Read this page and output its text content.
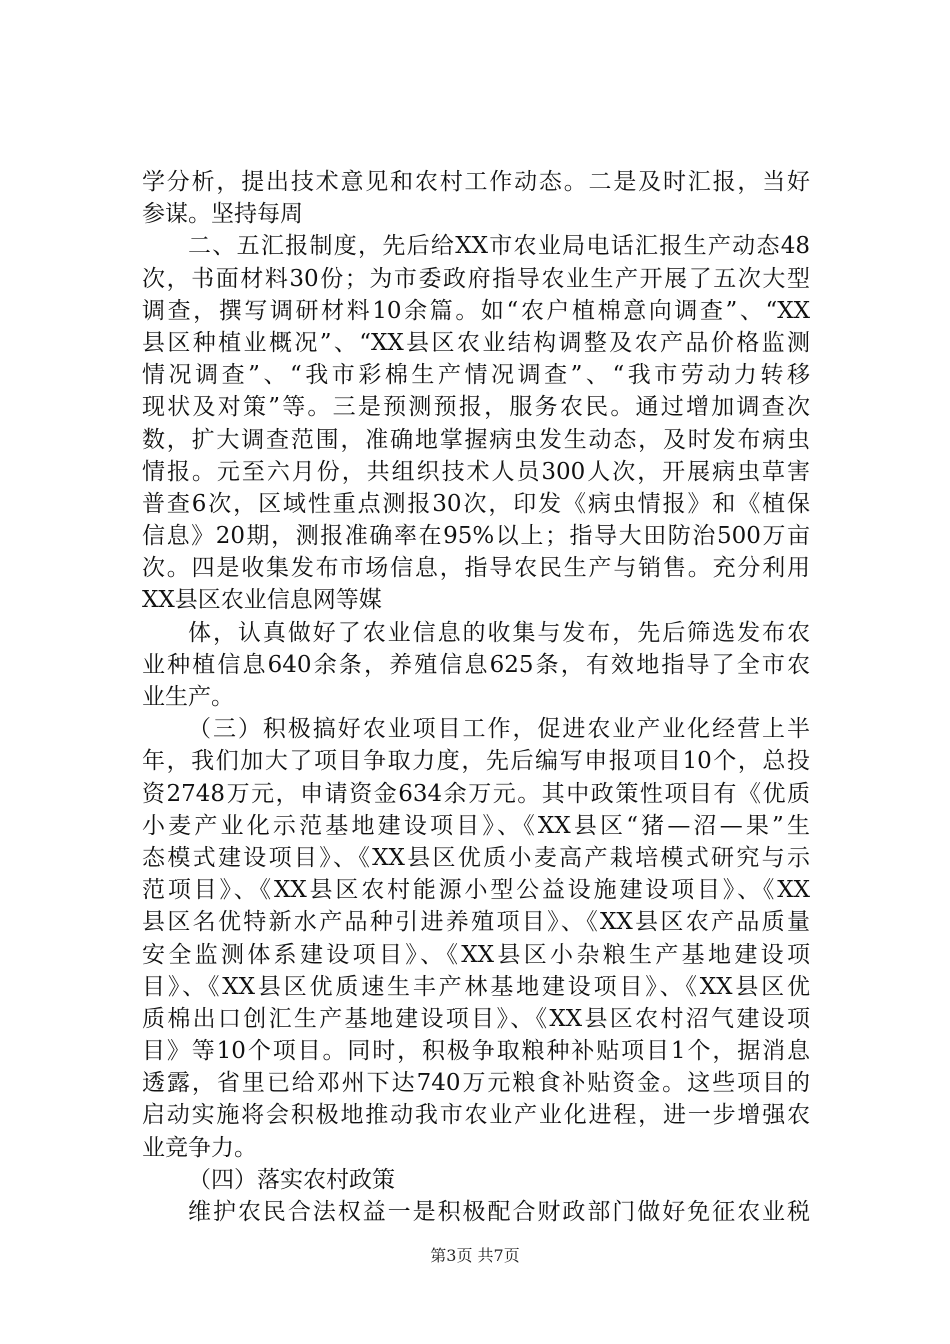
学分析，提出技术意见和农村工作动态。二是及时汇报，当好
参谋。坚持每周
二、五汇报制度，先后给XX市农业局电话汇报生产动态48
次，书面材料30份；为市委政府指导农业生产开展了五次大型
调查，撰写调研材料10余篇。如“农户植棉意向调查”、“XX
县区种植业概况”、“XX县区农业结构调整及农产品价格监测
情况调查”、“我市彩棉生产情况调查”、“我市劳动力转移
现状及对策”等。三是预测预报，服务农民。通过增加调查次
数，扩大调查范围，准确地掌握病虫发生动态，及时发布病虫
情报。元至六月份，共组织技术人员300人次，开展病虫草害
普查6次，区域性重点测报30次，印发《病虫情报》和《植保
信息》20期，测报准确率在95%以上；指导大田防治500万亩
次。四是收集发布市场信息，指导农民生产与销售。充分利用
XX县区农业信息网等媒
体，认真做好了农业信息的收集与发布，先后筛选发布农
业种植信息640余条，养殖信息625条，有效地指导了全市农
业生产。
（三）积极搞好农业项目工作，促进农业产业化经营上半
年，我们加大了项目争取力度，先后编写申报项目10个，总投
资2748万元，申请资金634余万元。其中政策性项目有《优质
小麦产业化示范基地建设项目》、《XX县区“猪—沼—果”生
态模式建设项目》、《XX县区优质小麦高产栽培模式研究与示
范项目》、《XX县区农村能源小型公益设施建设项目》、《XX
县区名优特新水产品种引进养殖项目》、《XX县区农产品质量
安全监测体系建设项目》、《XX县区小杂粮生产基地建设项
目》、《XX县区优质速生丰产林基地建设项目》、《XX县区优
质棉出口创汇生产基地建设项目》、《XX县区农村沼气建设项
目》等10个项目。同时，积极争取粮种补贴项目1个，据消息
透露，省里已给邓州下达740万元粮食补贴资金。这些项目的
启动实施将会积极地推动我市农业产业化进程，进一步增强农
业竞争力。
（四）落实农村政策
维护农民合法权益一是积极配合财政部门做好免征农业税
第3页 共7页
